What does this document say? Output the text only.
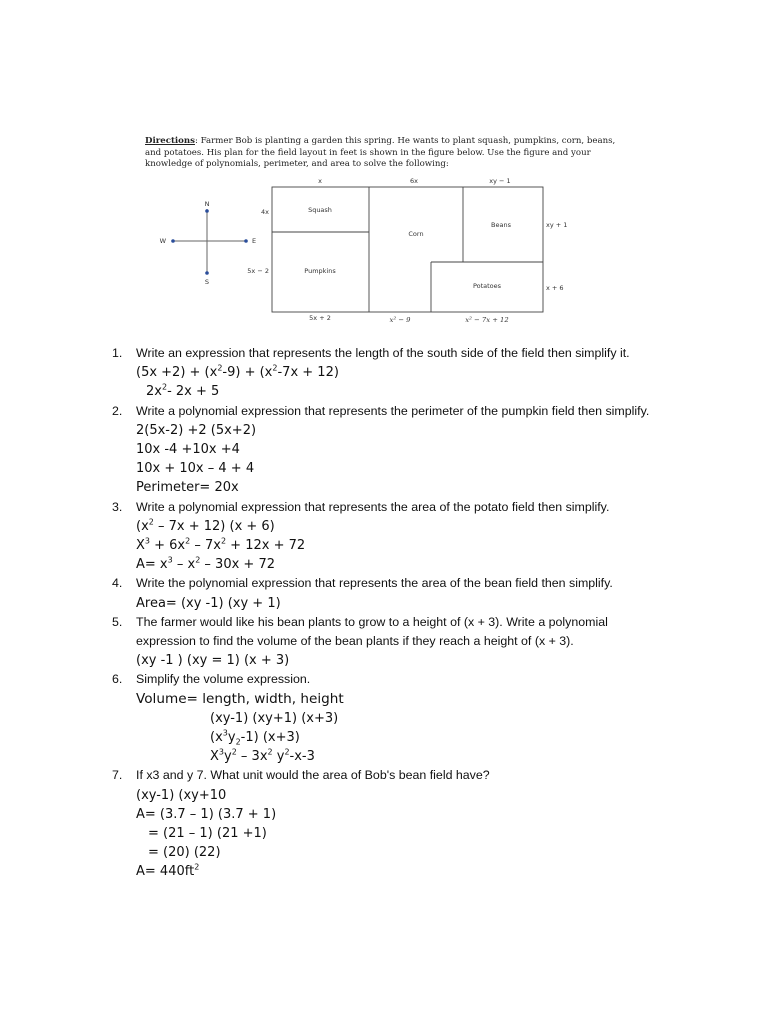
Directions: Farmer Bob is planting a garden this spring. He wants to plant squash, pumpkins, corn, beans, and potatoes. His plan for the field layout in feet is shown in the figure below. Use the figure and your knowledge of polynomials, perimeter, and area to solve the following:
N
S
W	E
Squash
Pumpkins
Corn
Beans
Potatoes
x	6x	xy − 1
4x
5x − 2
xy + 1
x + 6
5x + 2	x² − 9	x² − 7x + 12
1.	Write an expression that represents the length of the south side of the field then simplify it.
$(5x +2) + (x^2-9) + (x^2-7x + 12)$
$2x^2-$ 2x + 5
2.	Write a polynomial expression that represents the perimeter of the pumpkin field then simplify.
2(5x-2) +2 (5x+2)
10x -4 +10x +4
10x + 10x – 4 + 4
Perimeter= 20x
3.	Write a polynomial expression that represents the area of the potato field then simplify.
$(x^2 - 7x + 12) (x + 6)$
$X^3 + 6x^2 - 7x^2 + 12x + 72$
$A= x^3 - x^2 - 30x + 72$
4.	Write the polynomial expression that represents the area of the bean field then simplify.
Area= (xy -1) (xy + 1)
5.	The farmer would like his bean plants to grow to a height of (x + 3). Write a polynomial expression to find the volume of the bean plants if they reach a height of (x + 3).
(xy -1 ) (xy = 1) (x + 3)
6.	Simplify the volume expression.
Volume= length, width, height
(xy-1) (xy+1) (x+3)
$(x^3y_2-1)$ (x+3)
$X^3y^2 - 3x^2$ $y^2-x-3$
7.	If x3 and y 7. What unit would the area of Bob's bean field have?
(xy-1) (xy+10
A= (3.7 – 1) (3.7 + 1)
= (21 – 1) (21 +1)
= (20) (22)
$A= 440ft^2$
